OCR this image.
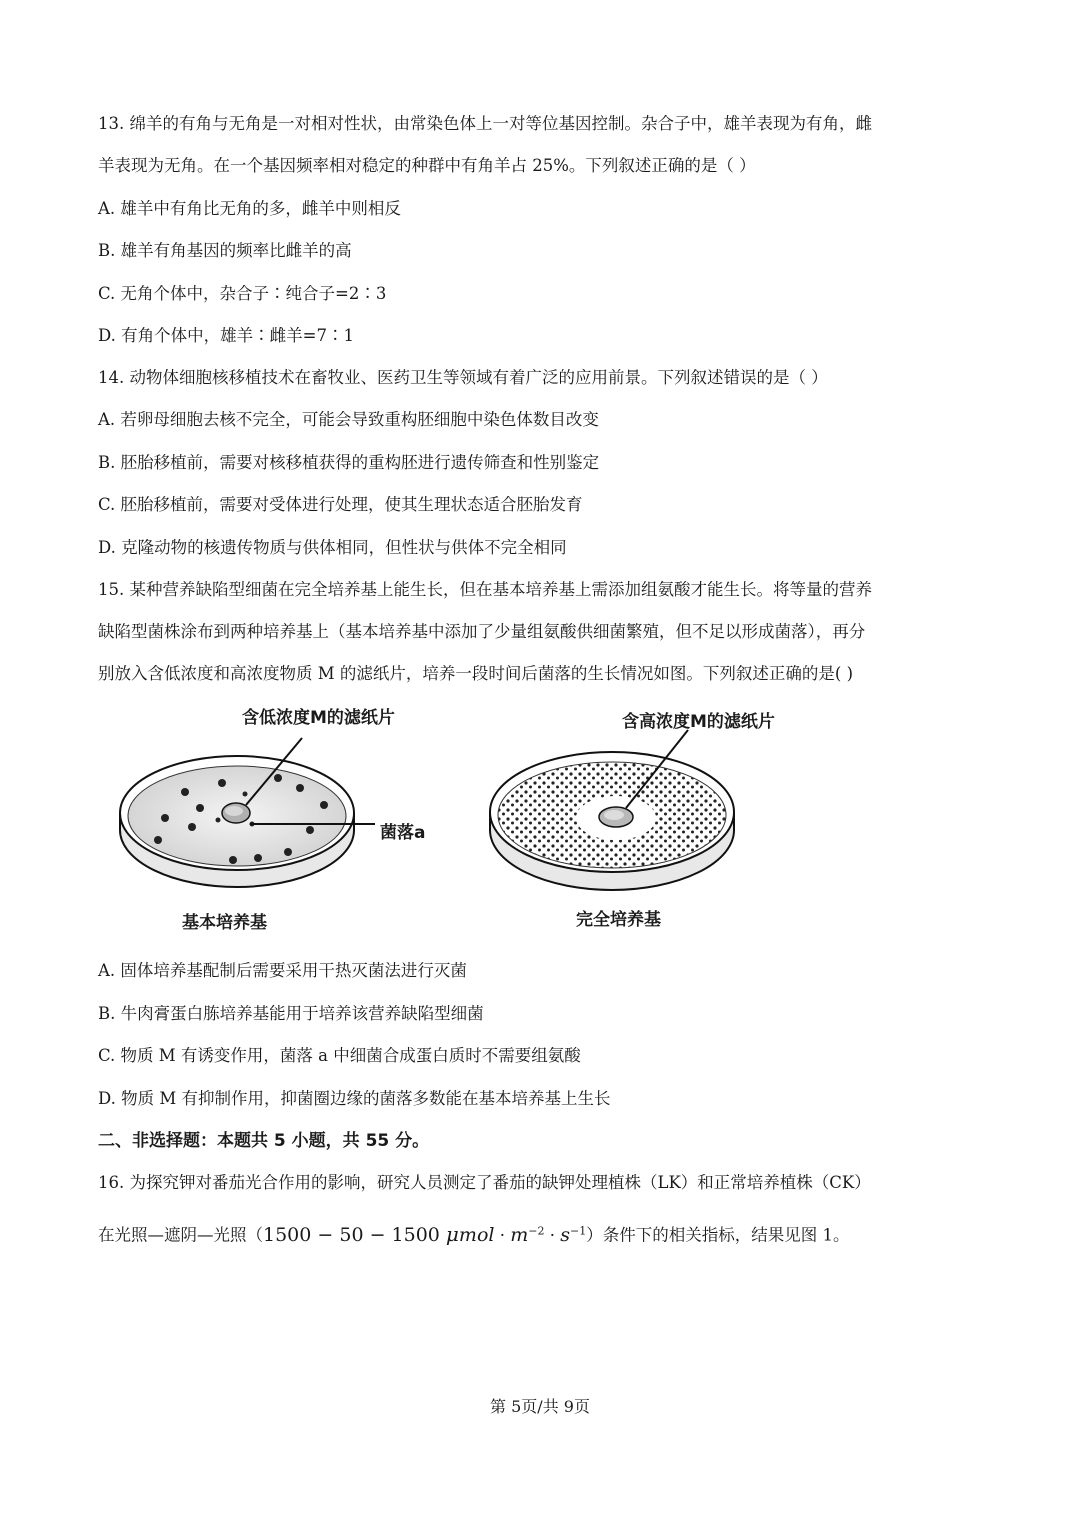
13. 绵羊的有角与无角是一对相对性状，由常染色体上一对等位基因控制。杂合子中，雄羊表现为有角，雌
羊表现为无角。在一个基因频率相对稳定的种群中有角羊占 25%。下列叙述正确的是（ ）
A. 雄羊中有角比无角的多，雌羊中则相反
B. 雄羊有角基因的频率比雌羊的高
C. 无角个体中，杂合子∶纯合子=2∶3
D. 有角个体中，雄羊∶雌羊=7∶1
14. 动物体细胞核移植技术在畜牧业、医药卫生等领域有着广泛的应用前景。下列叙述错误的是（ ）
A. 若卵母细胞去核不完全，可能会导致重构胚细胞中染色体数目改变
B. 胚胎移植前，需要对核移植获得的重构胚进行遗传筛查和性别鉴定
C. 胚胎移植前，需要对受体进行处理，使其生理状态适合胚胎发育
D. 克隆动物的核遗传物质与供体相同，但性状与供体不完全相同
15. 某种营养缺陷型细菌在完全培养基上能生长，但在基本培养基上需添加组氨酸才能生长。将等量的营养
缺陷型菌株涂布到两种培养基上（基本培养基中添加了少量组氨酸供细菌繁殖，但不足以形成菌落），再分
别放入含低浓度和高浓度物质 M 的滤纸片，培养一段时间后菌落的生长情况如图。下列叙述正确的是( )
含低浓度M的滤纸片	含高浓度M的滤纸片
菌落a
基本培养基	完全培养基
A. 固体培养基配制后需要采用干热灭菌法进行灭菌
B. 牛肉膏蛋白胨培养基能用于培养该营养缺陷型细菌
C. 物质 M 有诱变作用，菌落 a 中细菌合成蛋白质时不需要组氨酸
D. 物质 M 有抑制作用，抑菌圈边缘的菌落多数能在基本培养基上生长
二、非选择题：本题共 5 小题，共 55 分。
16. 为探究钾对番茄光合作用的影响，研究人员测定了番茄的缺钾处理植株（LK）和正常培养植株（CK）
在光照—遮阴—光照（1500 − 50 − 1500 $\mu mol \cdot m^{-2} \cdot s^{-1}$）条件下的相关指标，结果见图 1。
第 5页/共 9页
